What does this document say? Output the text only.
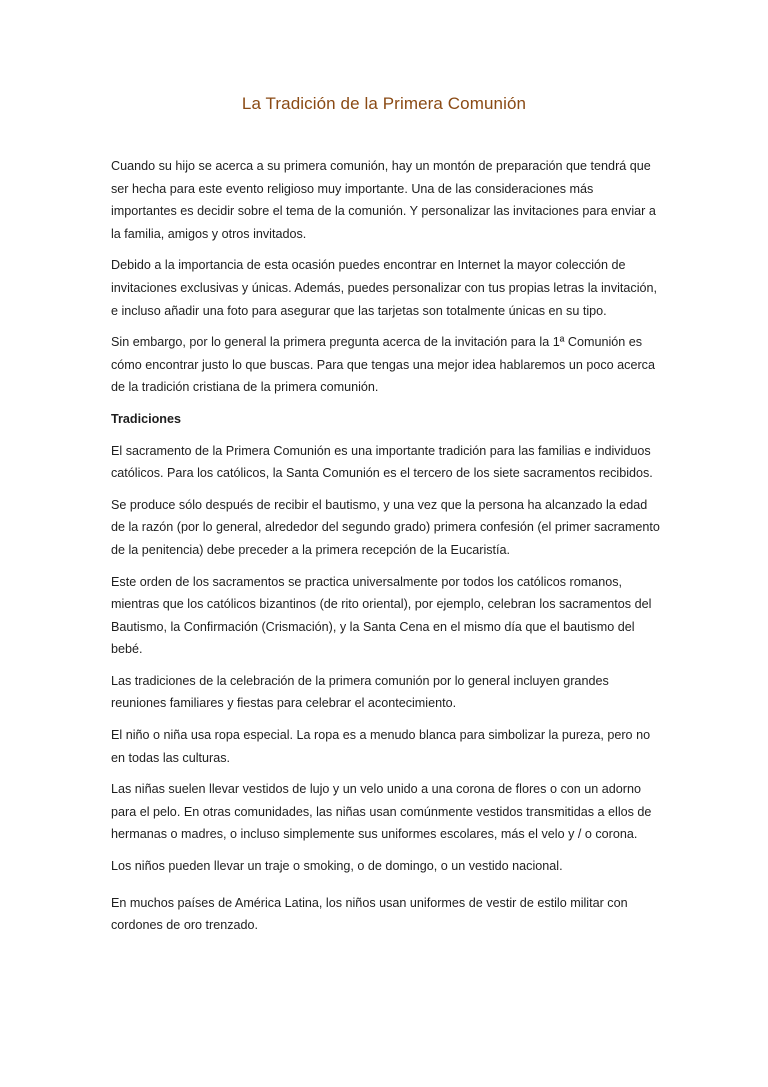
La Tradición de la Primera Comunión

Cuando su hijo se acerca a su primera comunión, hay un montón de preparación que tendrá que ser hecha para este evento religioso muy importante. Una de las consideraciones más importantes es decidir sobre el tema de la comunión. Y personalizar las invitaciones para enviar a la familia, amigos y otros invitados.

Debido a la importancia de esta ocasión puedes encontrar en Internet la mayor colección de invitaciones exclusivas y únicas. Además, puedes personalizar con tus propias letras la invitación, e incluso añadir una foto para asegurar que las tarjetas son totalmente únicas en su tipo.

Sin embargo, por lo general la primera pregunta acerca de la invitación para la 1ª Comunión es cómo encontrar justo lo que buscas. Para que tengas una mejor idea hablaremos un poco acerca de la tradición cristiana de la primera comunión.

Tradiciones

El sacramento de la Primera Comunión es una importante tradición para las familias e individuos católicos. Para los católicos, la Santa Comunión es el tercero de los siete sacramentos recibidos.

Se produce sólo después de recibir el bautismo, y una vez que la persona ha alcanzado la edad de la razón (por lo general, alrededor del segundo grado) primera confesión (el primer sacramento de la penitencia) debe preceder a la primera recepción de la Eucaristía.

Este orden de los sacramentos se practica universalmente por todos los católicos romanos, mientras que los católicos bizantinos (de rito oriental), por ejemplo, celebran los sacramentos del Bautismo, la Confirmación (Crismación), y la Santa Cena en el mismo día que el bautismo del bebé.

Las tradiciones de la celebración de la primera comunión por lo general incluyen grandes reuniones familiares y fiestas para celebrar el acontecimiento.

El niño o niña usa ropa especial. La ropa es a menudo blanca para simbolizar la pureza, pero no en todas las culturas.

Las niñas suelen llevar vestidos de lujo y un velo unido a una corona de flores o con un adorno para el pelo. En otras comunidades, las niñas usan comúnmente vestidos transmitidas a ellos de hermanas o madres, o incluso simplemente sus uniformes escolares, más el velo y / o corona.

Los niños pueden llevar un traje o smoking, o de domingo, o un vestido nacional.

En muchos países de América Latina, los niños usan uniformes de vestir de estilo militar con cordones de oro trenzado.
